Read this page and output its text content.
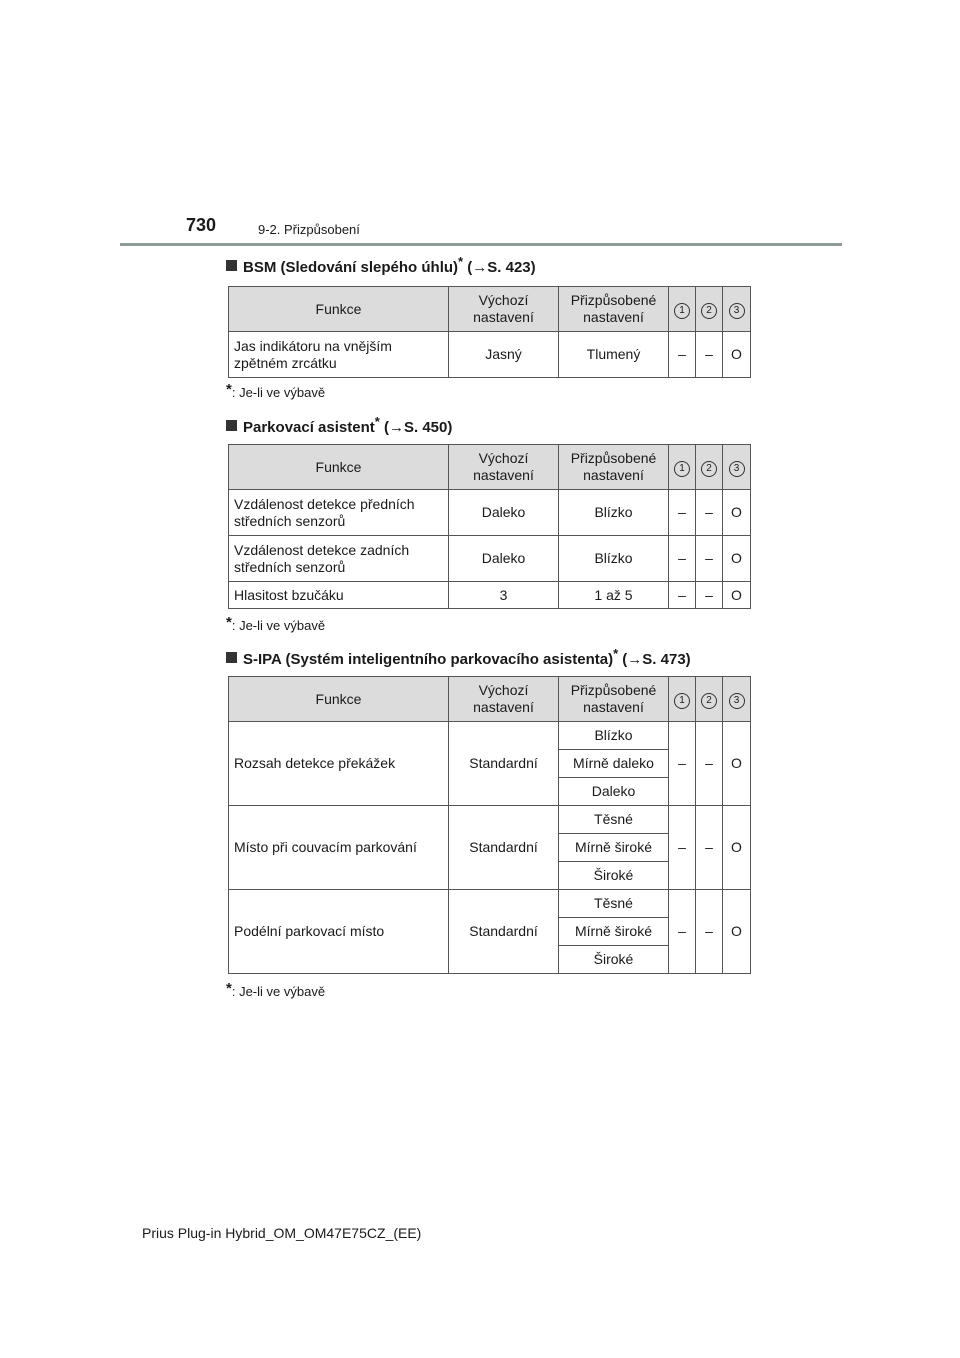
730	9-2. Přizpůsobení
BSM (Sledování slepého úhlu)* (→S. 423)
Funkce	Výchozí nastavení	Přizpůsobené nastavení	1	2	3
Jas indikátoru na vnějším zpětném zrcátku	Jasný	Tlumený	–	–	O
*: Je-li ve výbavě
Parkovací asistent* (→S. 450)
Funkce	Výchozí nastavení	Přizpůsobené nastavení	1	2	3
Vzdálenost detekce předních středních senzorů	Daleko	Blízko	–	–	O
Vzdálenost detekce zadních středních senzorů	Daleko	Blízko	–	–	O
Hlasitost bzučáku	3	1 až 5	–	–	O
*: Je-li ve výbavě
S-IPA (Systém inteligentního parkovacího asistenta)* (→S. 473)
Funkce	Výchozí nastavení	Přizpůsobené nastavení	1	2	3
Rozsah detekce překážek	Standardní	Blízko	–	–	O
		Mírně daleko			
		Daleko			
Místo při couvacím parkování	Standardní	Těsné	–	–	O
		Mírně široké			
		Široké			
Podélní parkovací místo	Standardní	Těsné	–	–	O
		Mírně široké			
		Široké			
*: Je-li ve výbavě
Prius Plug-in Hybrid_OM_OM47E75CZ_(EE)
